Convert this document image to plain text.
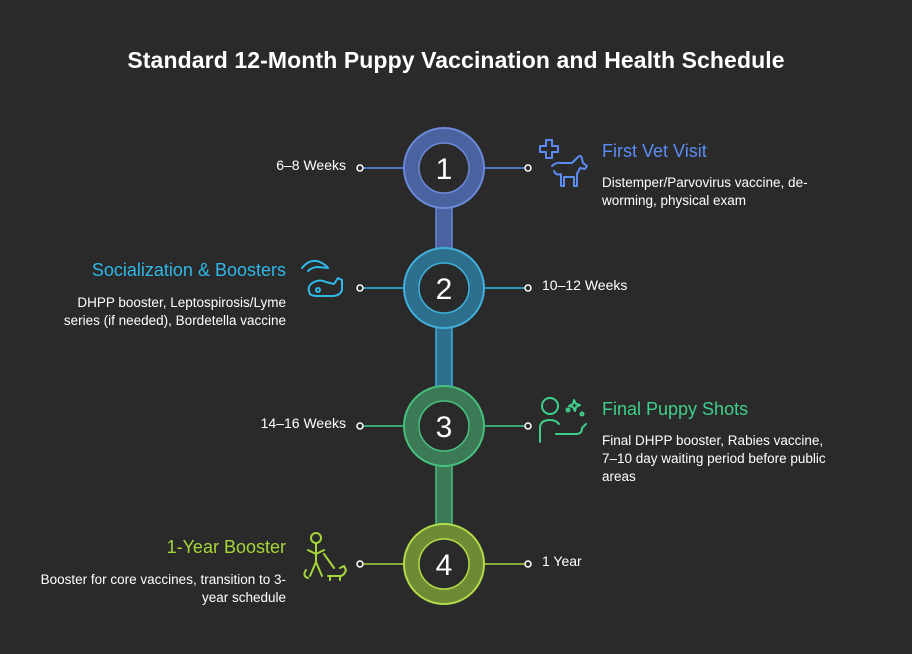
Standard 12-Month Puppy Vaccination and Health Schedule
1
2
3
4
6–8 Weeks
First Vet Visit
Distemper/Parvovirus vaccine, de-worming, physical exam
Socialization & Boosters
10–12 Weeks
DHPP booster, Leptospirosis/Lyme series (if needed), Bordetella vaccine
14–16 Weeks
Final Puppy Shots
Final DHPP booster, Rabies vaccine, 7–10 day waiting period before public areas
1-Year Booster
1 Year
Booster for core vaccines, transition to 3-year schedule
